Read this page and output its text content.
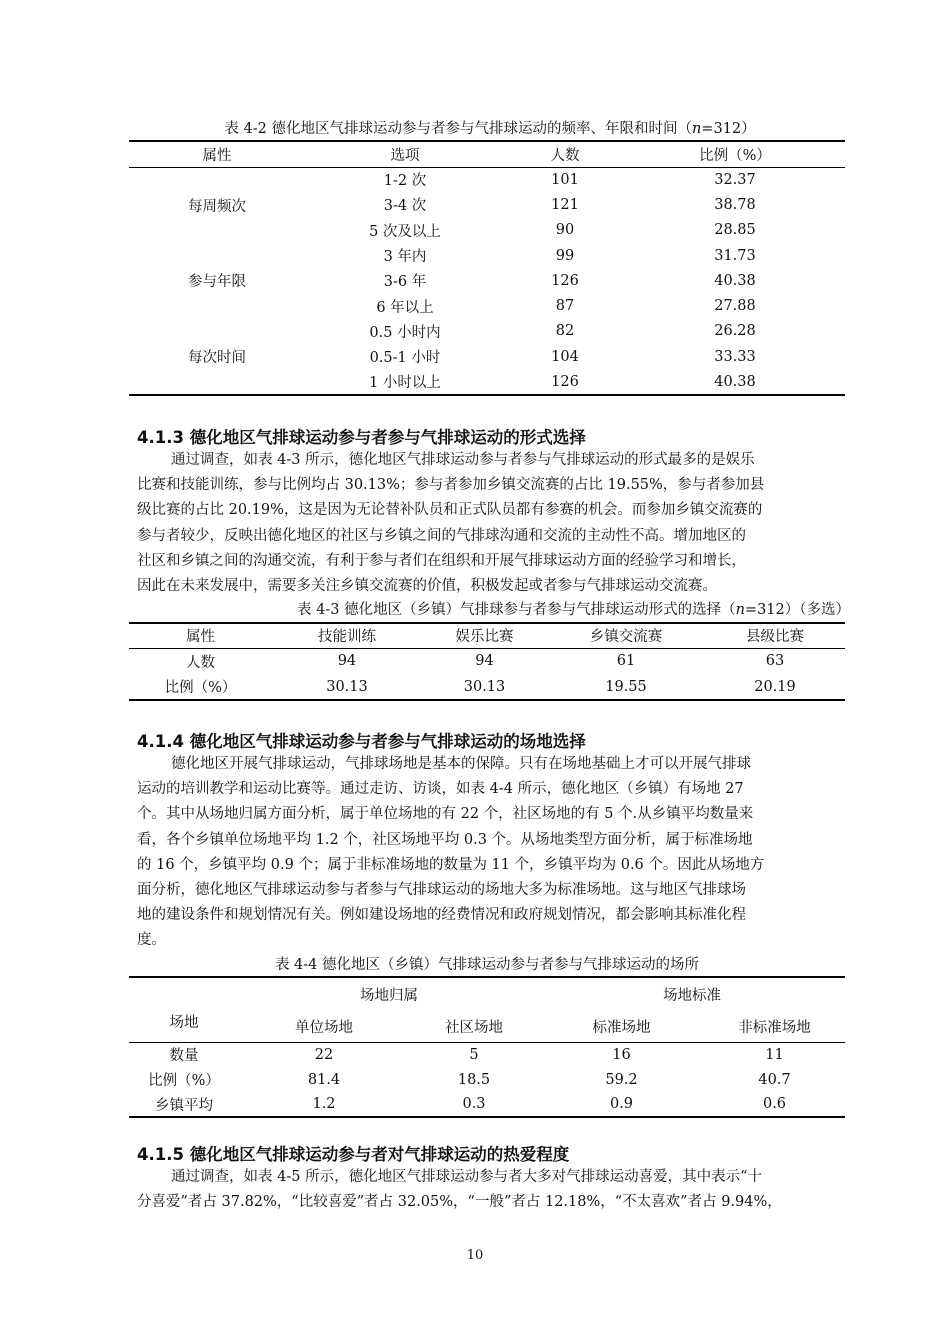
表 4-2 德化地区气排球运动参与者参与气排球运动的频率、年限和时间（n=312）
属性	选项	人数	比例（%）
每周频次	1-2 次	101	32.37
	3-4 次	121	38.78
	5 次及以上	90	28.85
参与年限	3 年内	99	31.73
	3-6 年	126	40.38
	6 年以上	87	27.88
每次时间	0.5 小时内	82	26.28
	0.5-1 小时	104	33.33
	1 小时以上	126	40.38
4.1.3 德化地区气排球运动参与者参与气排球运动的形式选择

通过调查，如表 4-3 所示，德化地区气排球运动参与者参与气排球运动的形式最多的是娱乐
比赛和技能训练，参与比例均占 30.13%；参与者参加乡镇交流赛的占比 19.55%，参与者参加县
级比赛的占比 20.19%，这是因为无论替补队员和正式队员都有参赛的机会。而参加乡镇交流赛的
参与者较少，反映出德化地区的社区与乡镇之间的气排球沟通和交流的主动性不高。增加地区的
社区和乡镇之间的沟通交流，有利于参与者们在组织和开展气排球运动方面的经验学习和增长，
因此在未来发展中，需要多关注乡镇交流赛的价值，积极发起或者参与气排球运动交流赛。

表 4-3 德化地区（乡镇）气排球参与者参与气排球运动形式的选择（n=312）（多选）
属性	技能训练	娱乐比赛	乡镇交流赛	县级比赛
人数	94	94	61	63
比例（%）	30.13	30.13	19.55	20.19
4.1.4 德化地区气排球运动参与者参与气排球运动的场地选择

德化地区开展气排球运动，气排球场地是基本的保障。只有在场地基础上才可以开展气排球
运动的培训教学和运动比赛等。通过走访、访谈，如表 4-4 所示，德化地区（乡镇）有场地 27
个。其中从场地归属方面分析，属于单位场地的有 22 个，社区场地的有 5 个.从乡镇平均数量来
看，各个乡镇单位场地平均 1.2 个，社区场地平均 0.3 个。从场地类型方面分析，属于标准场地
的 16 个，乡镇平均 0.9 个；属于非标准场地的数量为 11 个，乡镇平均为 0.6 个。因此从场地方
面分析，德化地区气排球运动参与者参与气排球运动的场地大多为标准场地。这与地区气排球场
地的建设条件和规划情况有关。例如建设场地的经费情况和政府规划情况，都会影响其标准化程
度。

表 4-4 德化地区（乡镇）气排球运动参与者参与气排球运动的场所
	场地归属		场地标准	
场地	单位场地	社区场地	标准场地	非标准场地
数量	22	5	16	11
比例（%）	81.4	18.5	59.2	40.7
乡镇平均	1.2	0.3	0.9	0.6
4.1.5 德化地区气排球运动参与者对气排球运动的热爱程度

通过调查，如表 4-5 所示，德化地区气排球运动参与者大多对气排球运动喜爱，其中表示“十
分喜爱”者占 37.82%，“比较喜爱”者占 32.05%，“一般”者占 12.18%，“不太喜欢”者占 9.94%，

10
